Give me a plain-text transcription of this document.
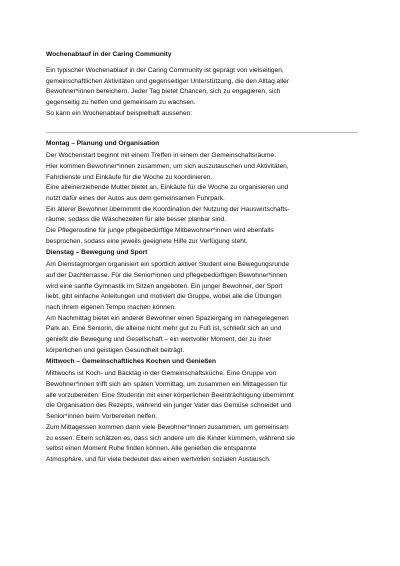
Wochenablauf in der Caring Community
Ein typischer Wochenablauf in der Caring Community ist geprägt von vielseitigen,
gemeinschaftlichen Aktivitäten und gegenseitiger Unterstützung, die den Alltag aller
Bewohner*innen bereichern. Jeder Tag bietet Chancen, sich zu engagieren, sich
gegenseitig zu helfen und gemeinsam zu wachsen.
So kann ein Wochenablauf beispielhaft aussehen:
Montag – Planung und Organisation
Der Wochenstart beginnt mit einem Treffen in einem der Gemeinschaftsräume.
Hier kommen Bewohner*innen zusammen, um sich auszutauschen und Aktivitäten,
Fahrdienste und Einkäufe für die Woche zu koordinieren.
Eine alleinerziehende Mutter bietet an, Einkäufe für die Woche zu organisieren und
nutzt dafür eines der Autos aus dem gemeinsamen Fuhrpark.
Ein älterer Bewohner übernimmt die Koordination der Nutzung der Hauswirtschafts-
räume, sodass die Wäschezeiten für alle besser planbar sind.
Die Pflegeroutine für junge pflegebedürftige Mitbewohner*innen wird ebenfalls
besprochen, sodass eine jeweils geeignete Hilfe zur Verfügung steht.
Dienstag – Bewegung und Sport
Am Dienstagmorgen organisiert ein sportlich aktiver Student eine Bewegungsrunde
auf der Dachterrasse. Für die Senior*innen und pflegebedürftigen Bewohner*innen
wird eine sanfte Gymnastik im Sitzen angeboten. Ein junger Bewohner, der Sport
liebt, gibt einfache Anleitungen und motiviert die Gruppe, wobei alle die Übungen
nach ihrem eigenen Tempo machen können.
Am Nachmittag bietet ein anderer Bewohner einen Spaziergang im nahegelegenen
Park an. Eine Seniorin, die alleine nicht mehr gut zu Fuß ist, schließt sich an und
genießt die Bewegung und Gesellschaft – ein wertvoller Moment, der zu ihrer
körperlichen und geistigen Gesundheit beiträgt.
Mittwoch – Gemeinschaftliches Kochen und Genießen
Mittwochs ist Koch- und Backtag in der Gemeinschaftsküche. Eine Gruppe von
Bewohner*innen trifft sich am späten Vormittag, um zusammen ein Mittagessen für
alle vorzubereiten. Eine Studentin mit einer körperlichen Beeinträchtigung übernimmt
die Organisation des Rezepts, während ein junger Vater das Gemüse schneidet und
Senior*innen beim Vorbereiten helfen.
Zum Mittagessen kommen dann viele Bewohner*innen zusammen, um gemeinsam
zu essen. Eltern schätzen es, dass sich andere um die Kinder kümmern, während sie
selbst einen Moment Ruhe finden können. Alle genießen die entspannte
Atmosphäre, und für viele bedeutet das einen wertvollen sozialen Austausch.
